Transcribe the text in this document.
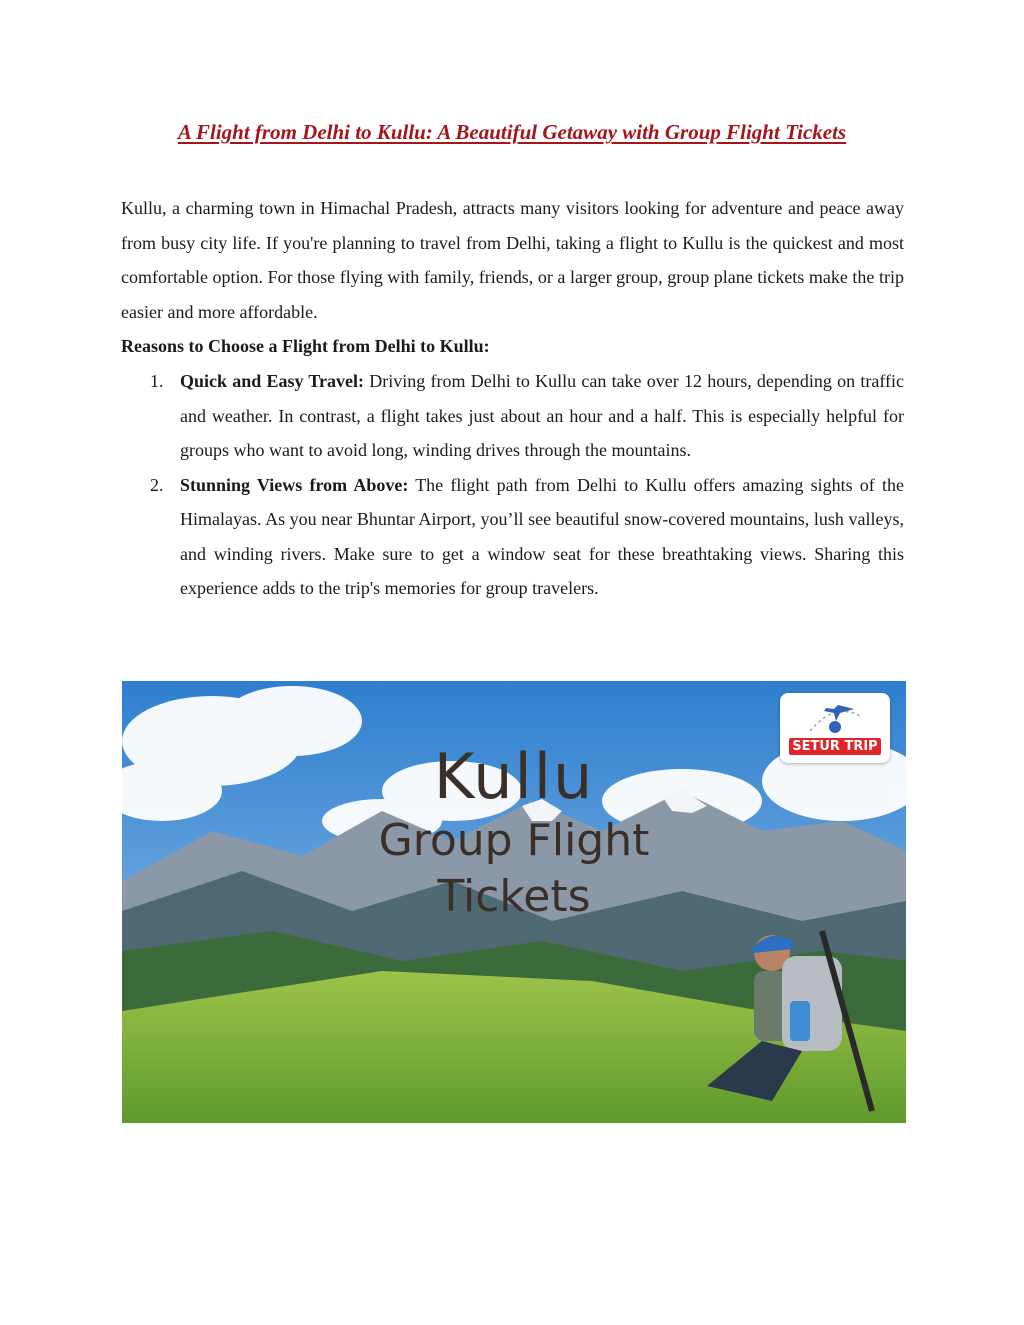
A Flight from Delhi to Kullu: A Beautiful Getaway with Group Flight Tickets

Kullu, a charming town in Himachal Pradesh, attracts many visitors looking for adventure and peace away from busy city life. If you're planning to travel from Delhi, taking a flight to Kullu is the quickest and most comfortable option. For those flying with family, friends, or a larger group, group plane tickets make the trip easier and more affordable.

Reasons to Choose a Flight from Delhi to Kullu:

1. Quick and Easy Travel: Driving from Delhi to Kullu can take over 12 hours, depending on traffic and weather. In contrast, a flight takes just about an hour and a half. This is especially helpful for groups who want to avoid long, winding drives through the mountains.
2. Stunning Views from Above: The flight path from Delhi to Kullu offers amazing sights of the Himalayas. As you near Bhuntar Airport, you’ll see beautiful snow-covered mountains, lush valleys, and winding rivers. Make sure to get a window seat for these breathtaking views. Sharing this experience adds to the trip's memories for group travelers.
Kullu
Group Flight
Tickets
SETUR TRIP
